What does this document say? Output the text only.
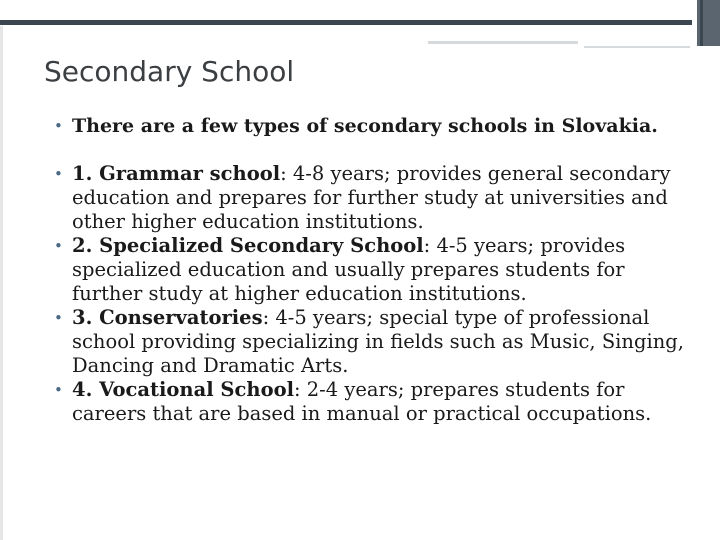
Secondary School
• There are a few types of secondary schools in Slovakia.
• 1. Grammar school: 4-8 years; provides general secondary education and prepares for further study at universities and other higher education institutions.
• 2. Specialized Secondary School: 4-5 years; provides specialized education and usually prepares students for further study at higher education institutions.
• 3. Conservatories: 4-5 years; special type of professional school providing specializing in fields such as Music, Singing, Dancing and Dramatic Arts.
• 4. Vocational School: 2-4 years; prepares students for careers that are based in manual or practical occupations.
